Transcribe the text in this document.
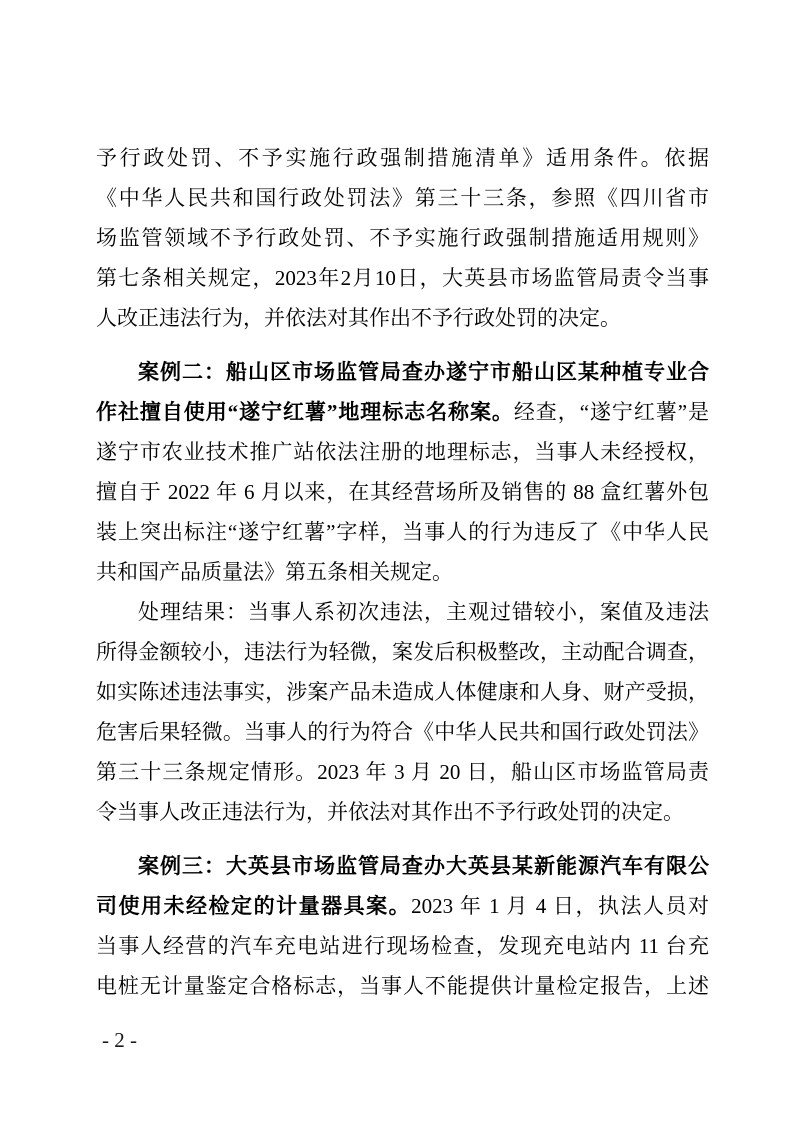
予行政处罚、不予实施行政强制措施清单》适用条件。依据
《中华人民共和国行政处罚法》第三十三条，参照《四川省市
场监管领域不予行政处罚、不予实施行政强制措施适用规则》
第七条相关规定，2023年2月10日，大英县市场监管局责令当事
人改正违法行为，并依法对其作出不予行政处罚的决定。
案例二：船山区市场监管局查办遂宁市船山区某种植专业合
作社擅自使用“遂宁红薯”地理标志名称案。经查，“遂宁红薯”是
遂宁市农业技术推广站依法注册的地理标志，当事人未经授权，
擅自于 2022 年 6 月以来，在其经营场所及销售的 88 盒红薯外包
装上突出标注“遂宁红薯”字样，当事人的行为违反了《中华人民
共和国产品质量法》第五条相关规定。
处理结果：当事人系初次违法，主观过错较小，案值及违法
所得金额较小，违法行为轻微，案发后积极整改，主动配合调查，
如实陈述违法事实，涉案产品未造成人体健康和人身、财产受损，
危害后果轻微。当事人的行为符合《中华人民共和国行政处罚法》
第三十三条规定情形。2023 年 3 月 20 日，船山区市场监管局责
令当事人改正违法行为，并依法对其作出不予行政处罚的决定。
案例三：大英县市场监管局查办大英县某新能源汽车有限公
司使用未经检定的计量器具案。2023 年 1 月 4 日，执法人员对
当事人经营的汽车充电站进行现场检查，发现充电站内 11 台充
电桩无计量鉴定合格标志，当事人不能提供计量检定报告，上述
- 2 -
